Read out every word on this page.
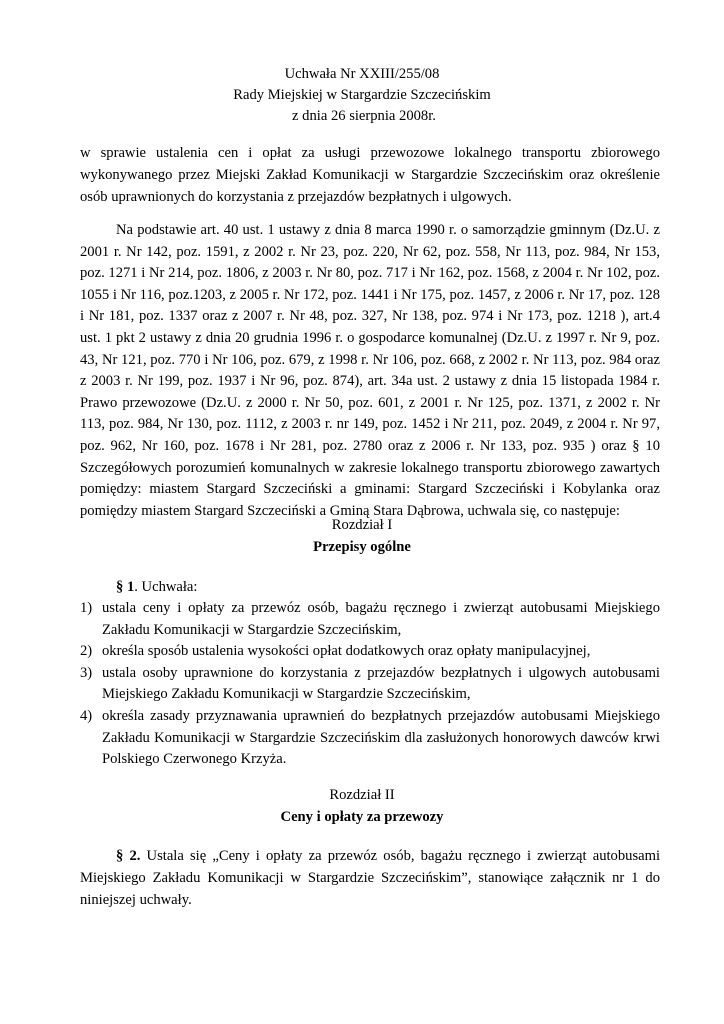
Uchwała Nr XXIII/255/08
Rady Miejskiej w Stargardzie Szczecińskim
z dnia 26 sierpnia 2008r.
w sprawie ustalenia cen i opłat za usługi przewozowe lokalnego transportu zbiorowego wykonywanego przez Miejski Zakład Komunikacji w Stargardzie Szczecińskim oraz określenie osób uprawnionych do korzystania z przejazdów bezpłatnych i ulgowych.
Na podstawie art. 40 ust. 1 ustawy z dnia 8 marca 1990 r. o samorządzie gminnym (Dz.U. z 2001 r. Nr 142, poz. 1591, z 2002 r. Nr 23, poz. 220, Nr 62, poz. 558, Nr 113, poz. 984, Nr 153, poz. 1271 i Nr 214, poz. 1806, z 2003 r. Nr 80, poz. 717 i Nr 162, poz. 1568, z 2004 r. Nr 102, poz. 1055 i Nr 116, poz.1203, z 2005 r. Nr 172, poz. 1441 i Nr 175, poz. 1457, z 2006 r. Nr 17, poz. 128 i Nr 181, poz. 1337 oraz z 2007 r. Nr 48, poz. 327, Nr 138, poz. 974 i Nr 173, poz. 1218 ), art.4 ust. 1 pkt 2 ustawy z dnia 20 grudnia 1996 r. o gospodarce komunalnej (Dz.U. z 1997 r. Nr 9, poz. 43, Nr 121, poz. 770 i Nr 106, poz. 679, z 1998 r. Nr 106, poz. 668, z 2002 r. Nr 113, poz. 984 oraz z 2003 r. Nr 199, poz. 1937 i Nr 96, poz. 874), art. 34a ust. 2 ustawy z dnia 15 listopada 1984 r. Prawo przewozowe (Dz.U. z 2000 r. Nr 50, poz. 601, z 2001 r. Nr 125, poz. 1371, z 2002 r. Nr 113, poz. 984, Nr 130, poz. 1112, z 2003 r. nr 149, poz. 1452 i Nr 211, poz. 2049, z 2004 r. Nr 97, poz. 962, Nr 160, poz. 1678 i Nr 281, poz. 2780 oraz z 2006 r. Nr 133, poz. 935 ) oraz § 10 Szczegółowych porozumień komunalnych w zakresie lokalnego transportu zbiorowego zawartych pomiędzy: miastem Stargard Szczeciński a gminami: Stargard Szczeciński i Kobylanka oraz pomiędzy miastem Stargard Szczeciński a Gminą Stara Dąbrowa, uchwala się, co następuje:
Rozdział I
Przepisy ogólne
§ 1. Uchwała:
1) ustala ceny i opłaty za przewóz osób, bagażu ręcznego i zwierząt autobusami Miejskiego Zakładu Komunikacji w Stargardzie Szczecińskim,
2) określa sposób ustalenia wysokości opłat dodatkowych oraz opłaty manipulacyjnej,
3) ustala osoby uprawnione do korzystania z przejazdów bezpłatnych i ulgowych autobusami Miejskiego Zakładu Komunikacji w Stargardzie Szczecińskim,
4) określa zasady przyznawania uprawnień do bezpłatnych przejazdów autobusami Miejskiego Zakładu Komunikacji w Stargardzie Szczecińskim dla zasłużonych honorowych dawców krwi Polskiego Czerwonego Krzyża.
Rozdział II
Ceny i opłaty za przewozy
§ 2. Ustala się „Ceny i opłaty za przewóz osób, bagażu ręcznego i zwierząt autobusami Miejskiego Zakładu Komunikacji w Stargardzie Szczecińskim”, stanowiące załącznik nr 1 do niniejszej uchwały.
